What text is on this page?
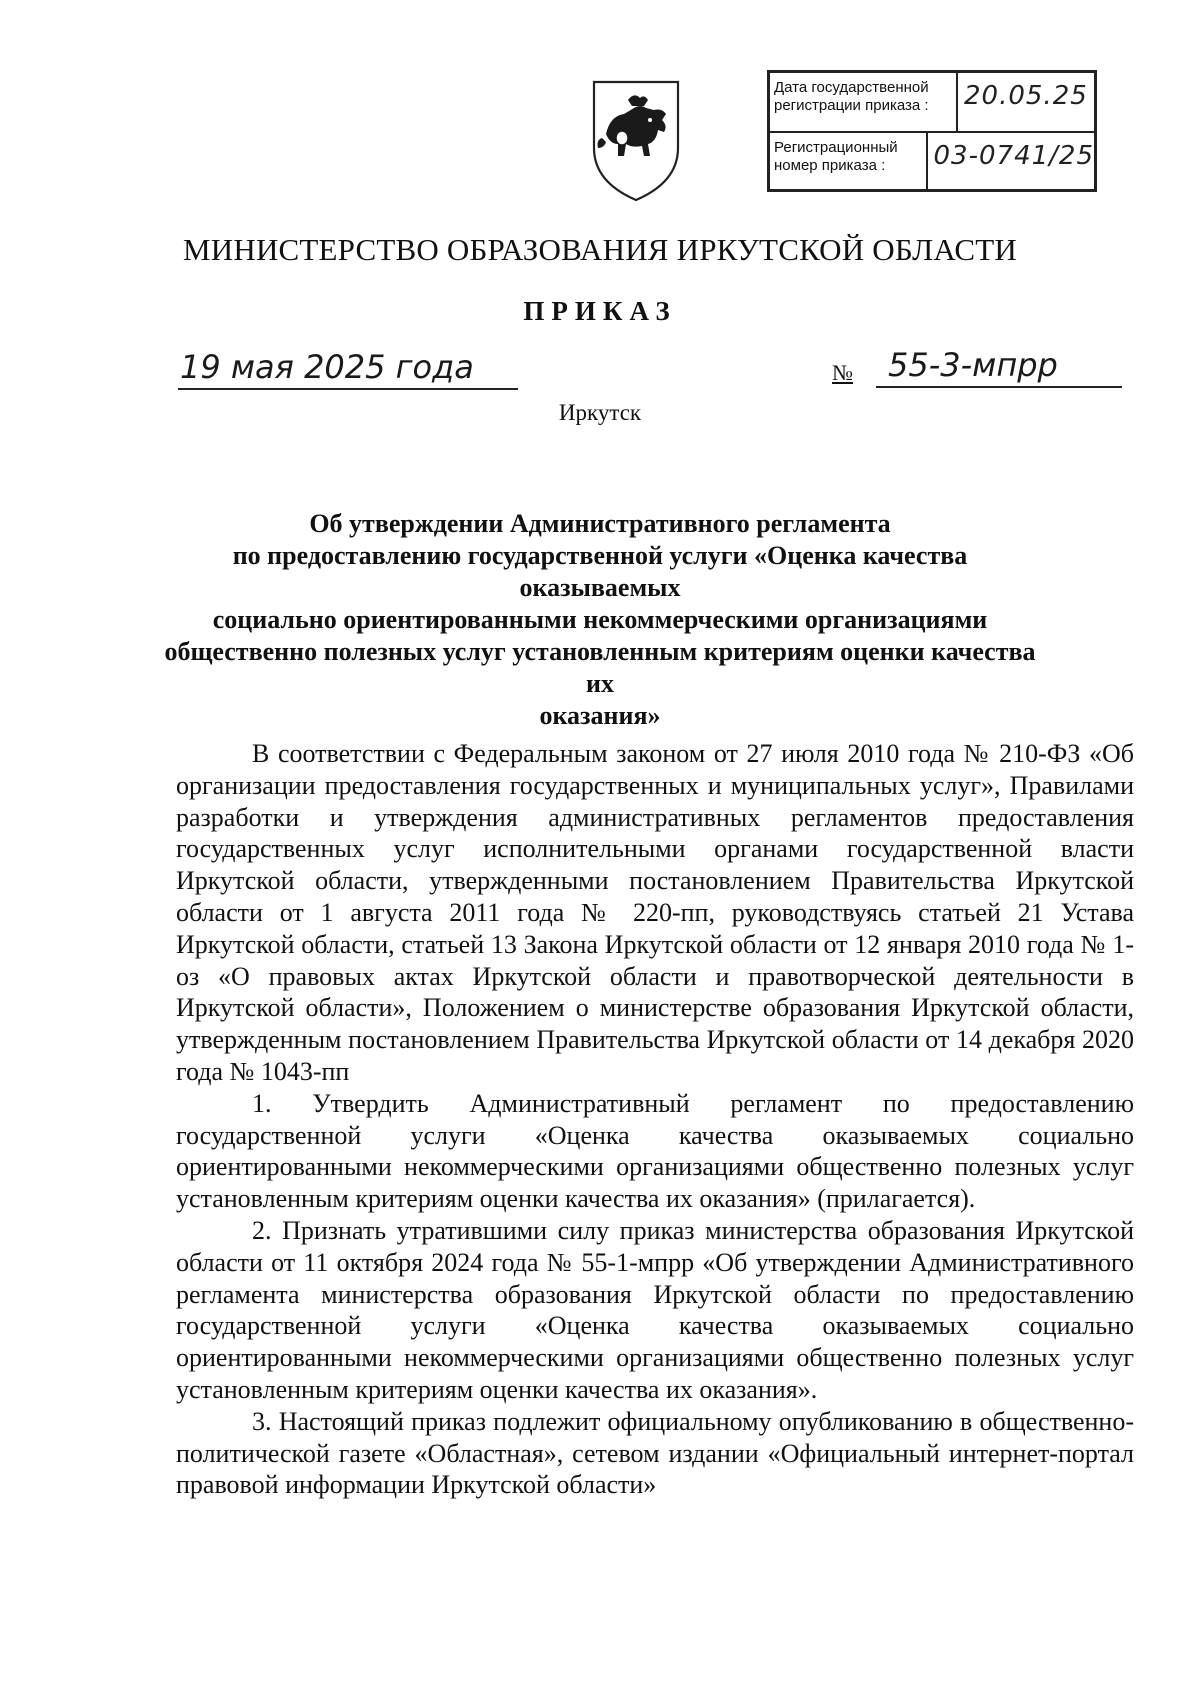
Дата государственной регистрации приказа :	20.05.25
Регистрационный номер приказа :	03-0741/25
МИНИСТЕРСТВО ОБРАЗОВАНИЯ ИРКУТСКОЙ ОБЛАСТИ
ПРИКАЗ
19 мая 2025 года	№ 55-3-мпрр
Иркутск
Об утверждении Административного регламента
по предоставлению государственной услуги «Оценка качества оказываемых
социально ориентированными некоммерческими организациями
общественно полезных услуг установленным критериям оценки качества их
оказания»

В соответствии с Федеральным законом от 27 июля 2010 года № 210-ФЗ «Об организации предоставления государственных и муниципальных услуг», Правилами разработки и утверждения административных регламентов предоставления государственных услуг исполнительными органами государственной власти Иркутской области, утвержденными постановлением Правительства Иркутской области от 1 августа 2011 года № 220-пп, руководствуясь статьей 21 Устава Иркутской области, статьей 13 Закона Иркутской области от 12 января 2010 года № 1-оз «О правовых актах Иркутской области и правотворческой деятельности в Иркутской области», Положением о министерстве образования Иркутской области, утвержденным постановлением Правительства Иркутской области от 14 декабря 2020 года № 1043-пп

1. Утвердить Административный регламент по предоставлению государственной услуги «Оценка качества оказываемых социально ориентированными некоммерческими организациями общественно полезных услуг установленным критериям оценки качества их оказания» (прилагается).

2. Признать утратившими силу приказ министерства образования Иркутской области от 11 октября 2024 года № 55-1-мпрр «Об утверждении Административного регламента министерства образования Иркутской области по предоставлению государственной услуги «Оценка качества оказываемых социально ориентированными некоммерческими организациями общественно полезных услуг установленным критериям оценки качества их оказания».

3. Настоящий приказ подлежит официальному опубликованию в общественно-политической газете «Областная», сетевом издании «Официальный интернет-портал правовой информации Иркутской области»
